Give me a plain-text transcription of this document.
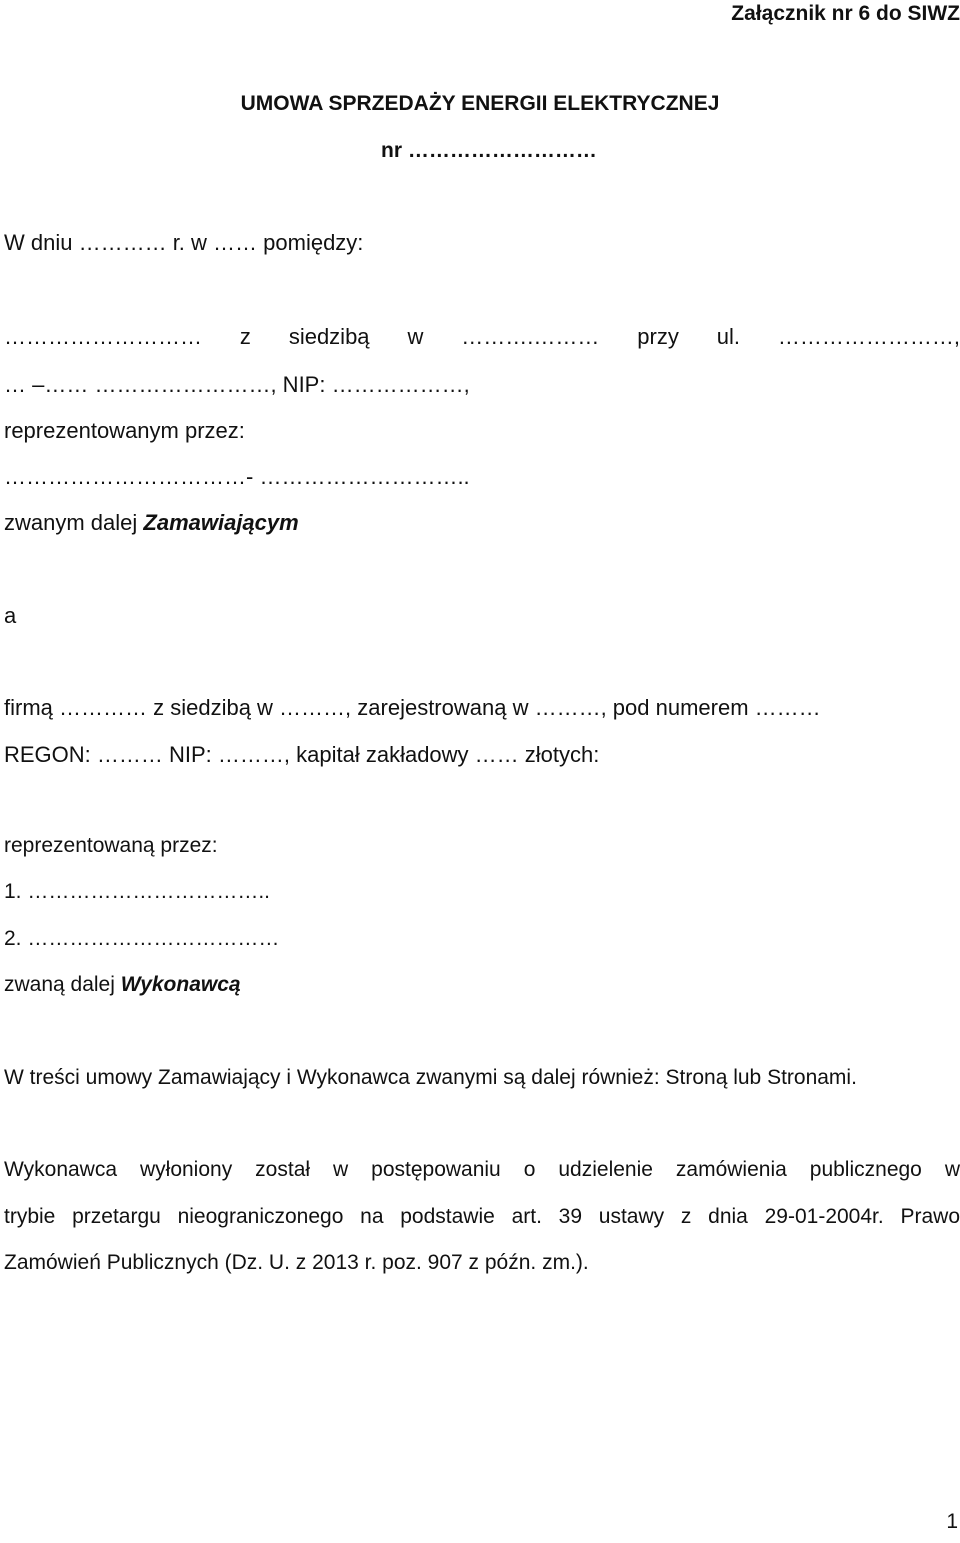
Załącznik nr 6 do SIWZ
UMOWA SPRZEDAŻY ENERGII ELEKTRYCZNEJ
nr ………………………
W dniu ………… r. w …… pomiędzy:
……………………… z siedzibą w ……….……… przy ul. ……………………,
… –…… ……………………, NIP: ………………,
reprezentowanym przez:
……………………………- ………………………..
zwanym dalej Zamawiającym
a
firmą ………… z siedzibą w ………, zarejestrowaną w ………, pod numerem ………
REGON: ……… NIP: ………, kapitał zakładowy …… złotych:
reprezentowaną przez:
1. ……………………………..
2. ………………………………
zwaną dalej Wykonawcą
W treści umowy Zamawiający i Wykonawca zwanymi są dalej również: Stroną lub Stronami.
Wykonawca wyłoniony został w postępowaniu o udzielenie zamówienia publicznego w
trybie przetargu nieograniczonego na podstawie art. 39 ustawy z dnia 29-01-2004r. Prawo
Zamówień Publicznych (Dz. U. z 2013 r. poz. 907 z późn. zm.).
1
